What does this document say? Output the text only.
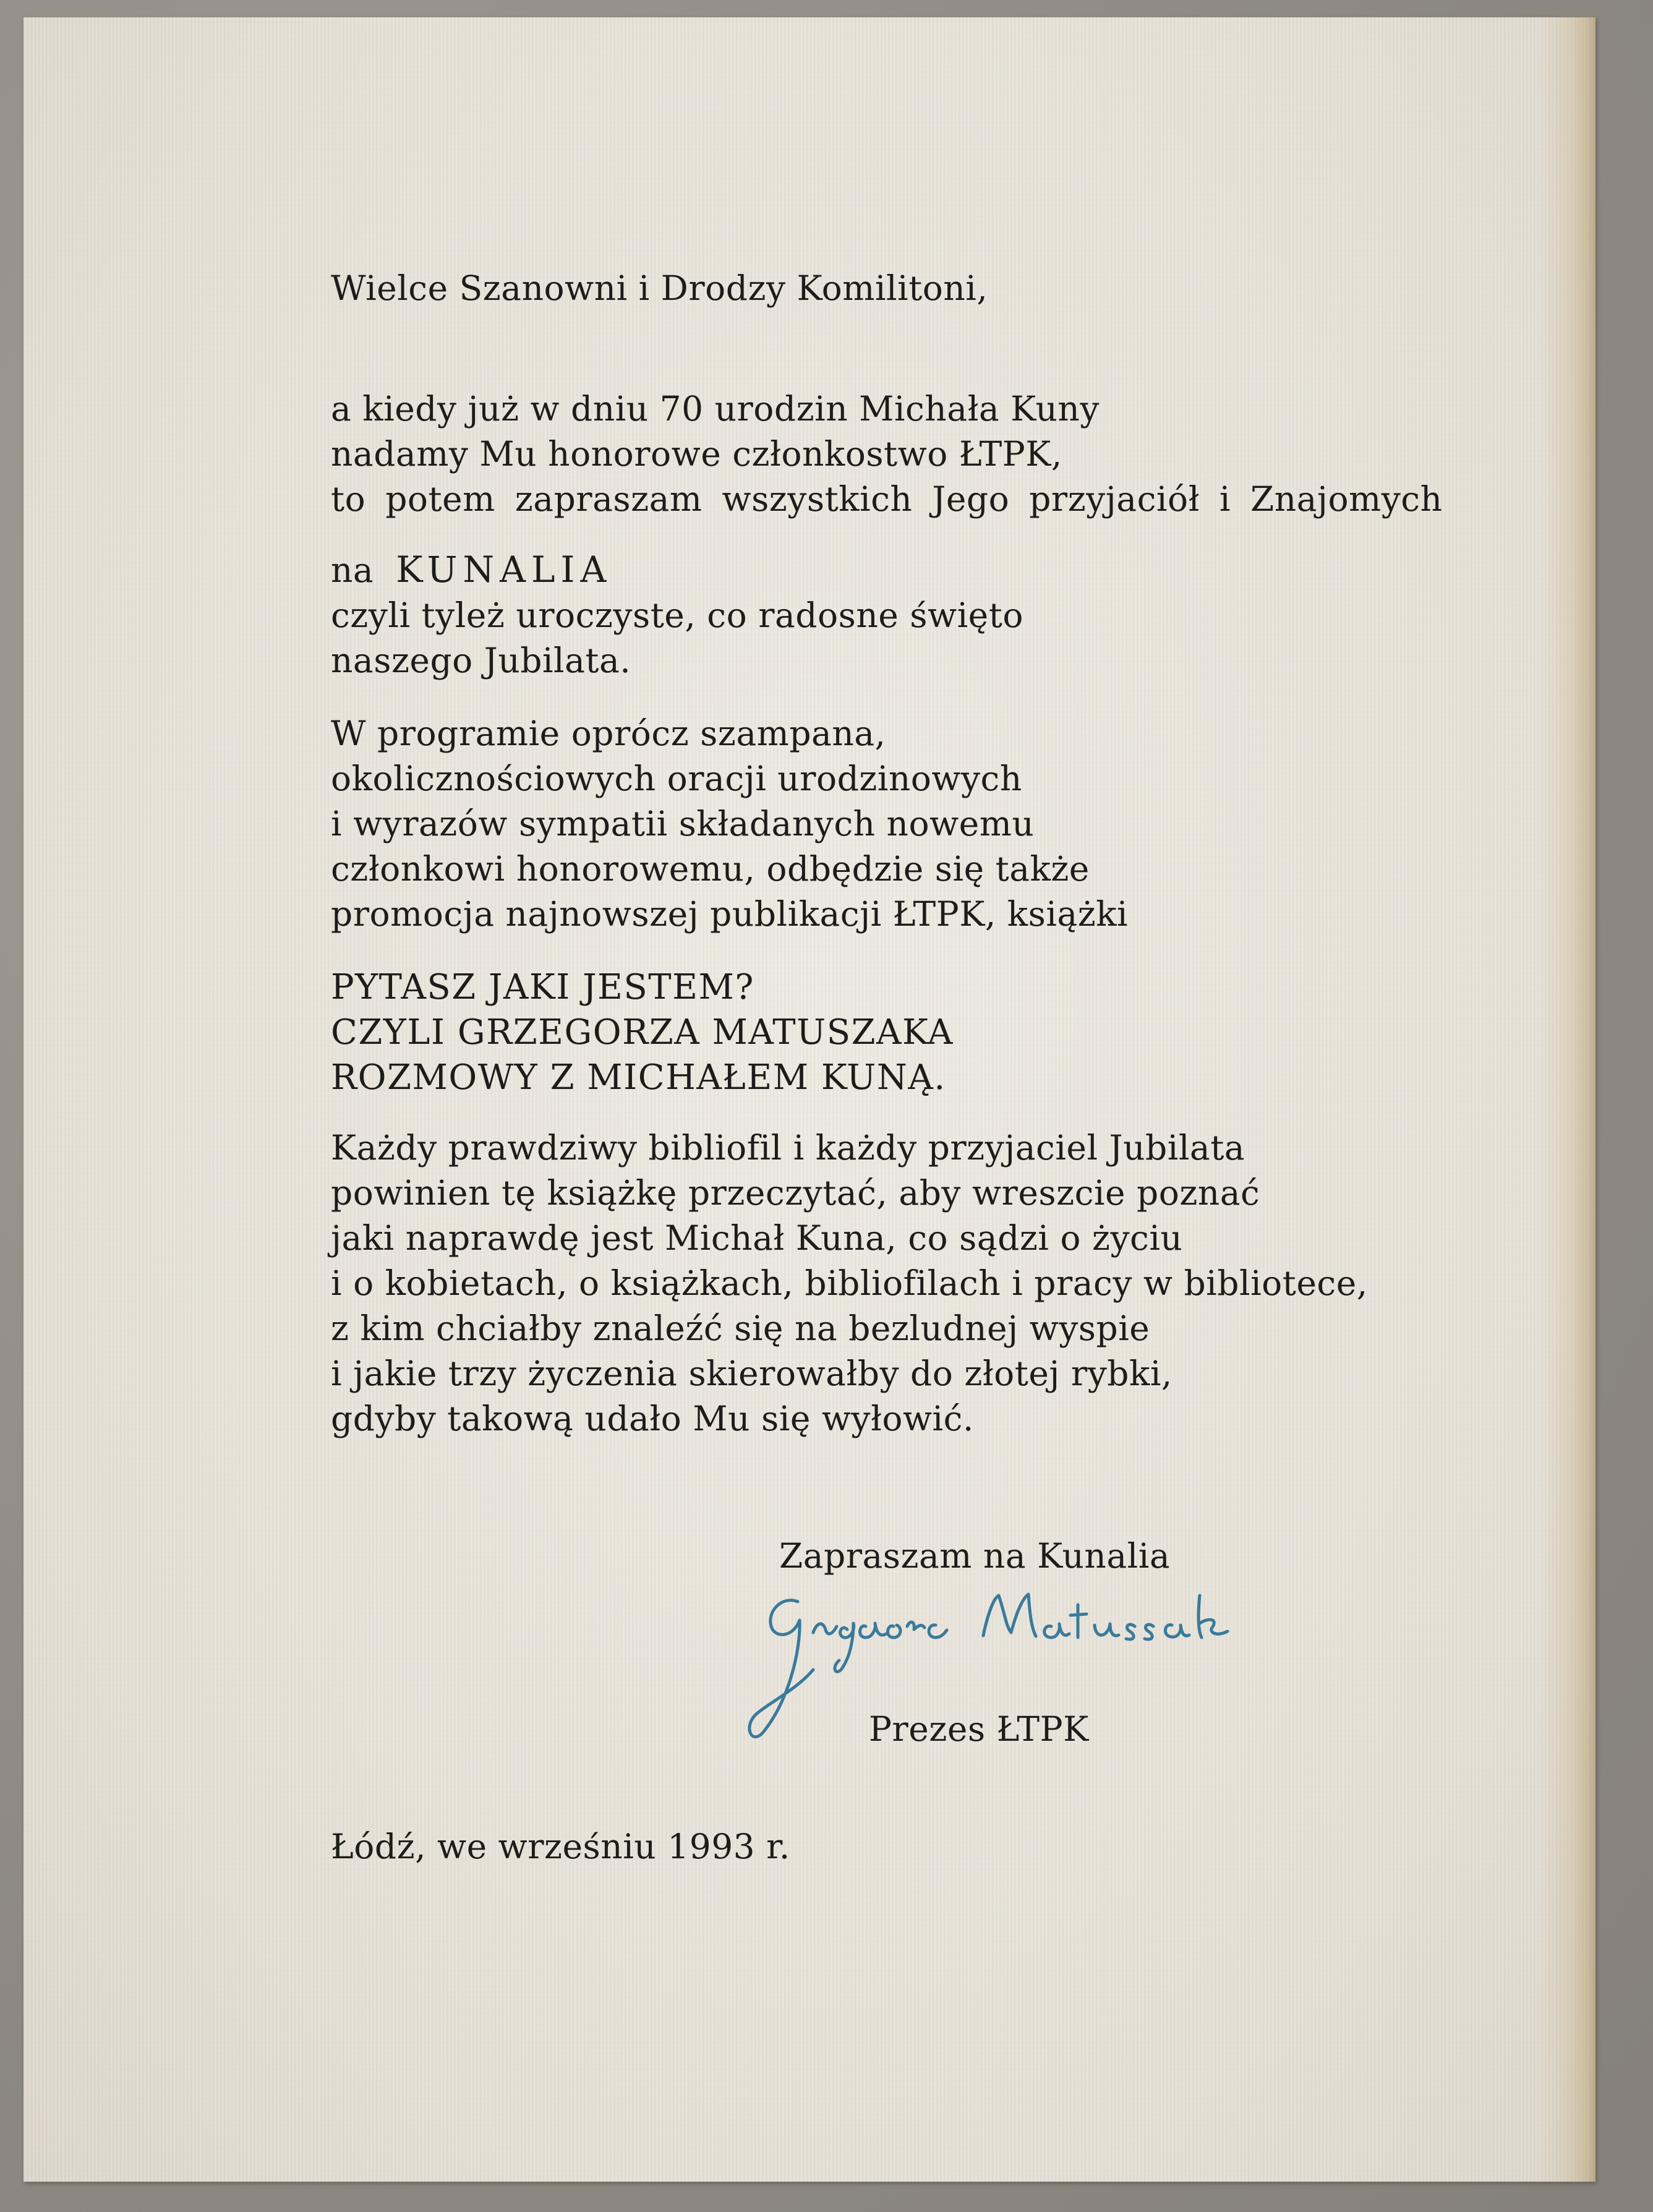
Wielce Szanowni i Drodzy Komilitoni,

a kiedy już w dniu 70 urodzin Michała Kuny
nadamy Mu honorowe członkostwo ŁTPK,
to potem zapraszam wszystkich Jego przyjaciół i Znajomych

na KUNALIA
czyli tyleż uroczyste, co radosne święto
naszego Jubilata.

W programie oprócz szampana,
okolicznościowych oracji urodzinowych
i wyrazów sympatii składanych nowemu
członkowi honorowemu, odbędzie się także
promocja najnowszej publikacji ŁTPK, książki

PYTASZ JAKI JESTEM?
CZYLI GRZEGORZA MATUSZAKA
ROZMOWY Z MICHAŁEM KUNĄ.

Każdy prawdziwy bibliofil i każdy przyjaciel Jubilata
powinien tę książkę przeczytać, aby wreszcie poznać
jaki naprawdę jest Michał Kuna, co sądzi o życiu
i o kobietach, o książkach, bibliofilach i pracy w bibliotece,
z kim chciałby znaleźć się na bezludnej wyspie
i jakie trzy życzenia skierowałby do złotej rybki,
gdyby takową udało Mu się wyłowić.

Zapraszam na Kunalia

Prezes ŁTPK

Łódź, we wrześniu 1993 r.
